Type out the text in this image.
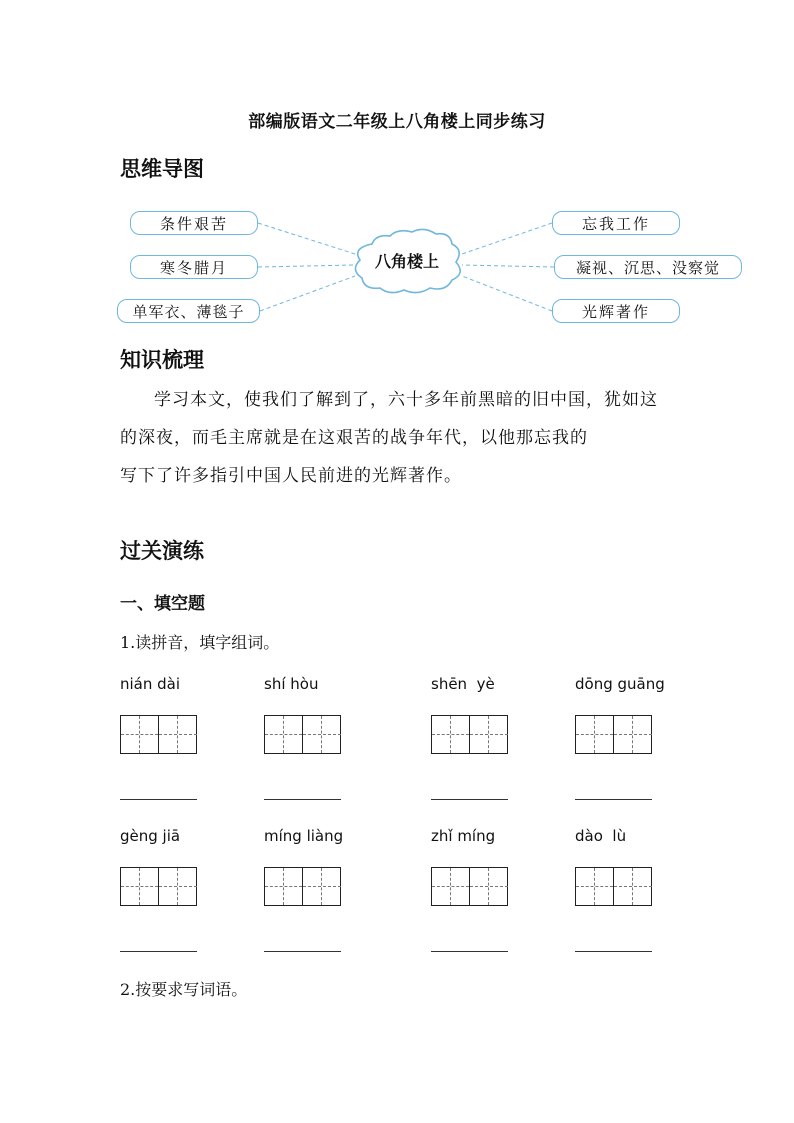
部编版语文二年级上八角楼上同步练习
思维导图
八角楼上
条件艰苦
寒冬腊月
单军衣、薄毯子
忘我工作
凝视、沉思、没察觉
光辉著作
知识梳理

学习本文，使我们了解到了，六十多年前黑暗的旧中国，犹如这

的深夜，而毛主席就是在这艰苦的战争年代，以他那忘我的

写下了许多指引中国人民前进的光辉著作。

过关演练
一、填空题
1.读拼音，填字组词。
nián dài	shí hòu	shēn  yè	dōng guāng
gèng jiā	míng liàng	zhǐ míng	dào  lù
2.按要求写词语。
